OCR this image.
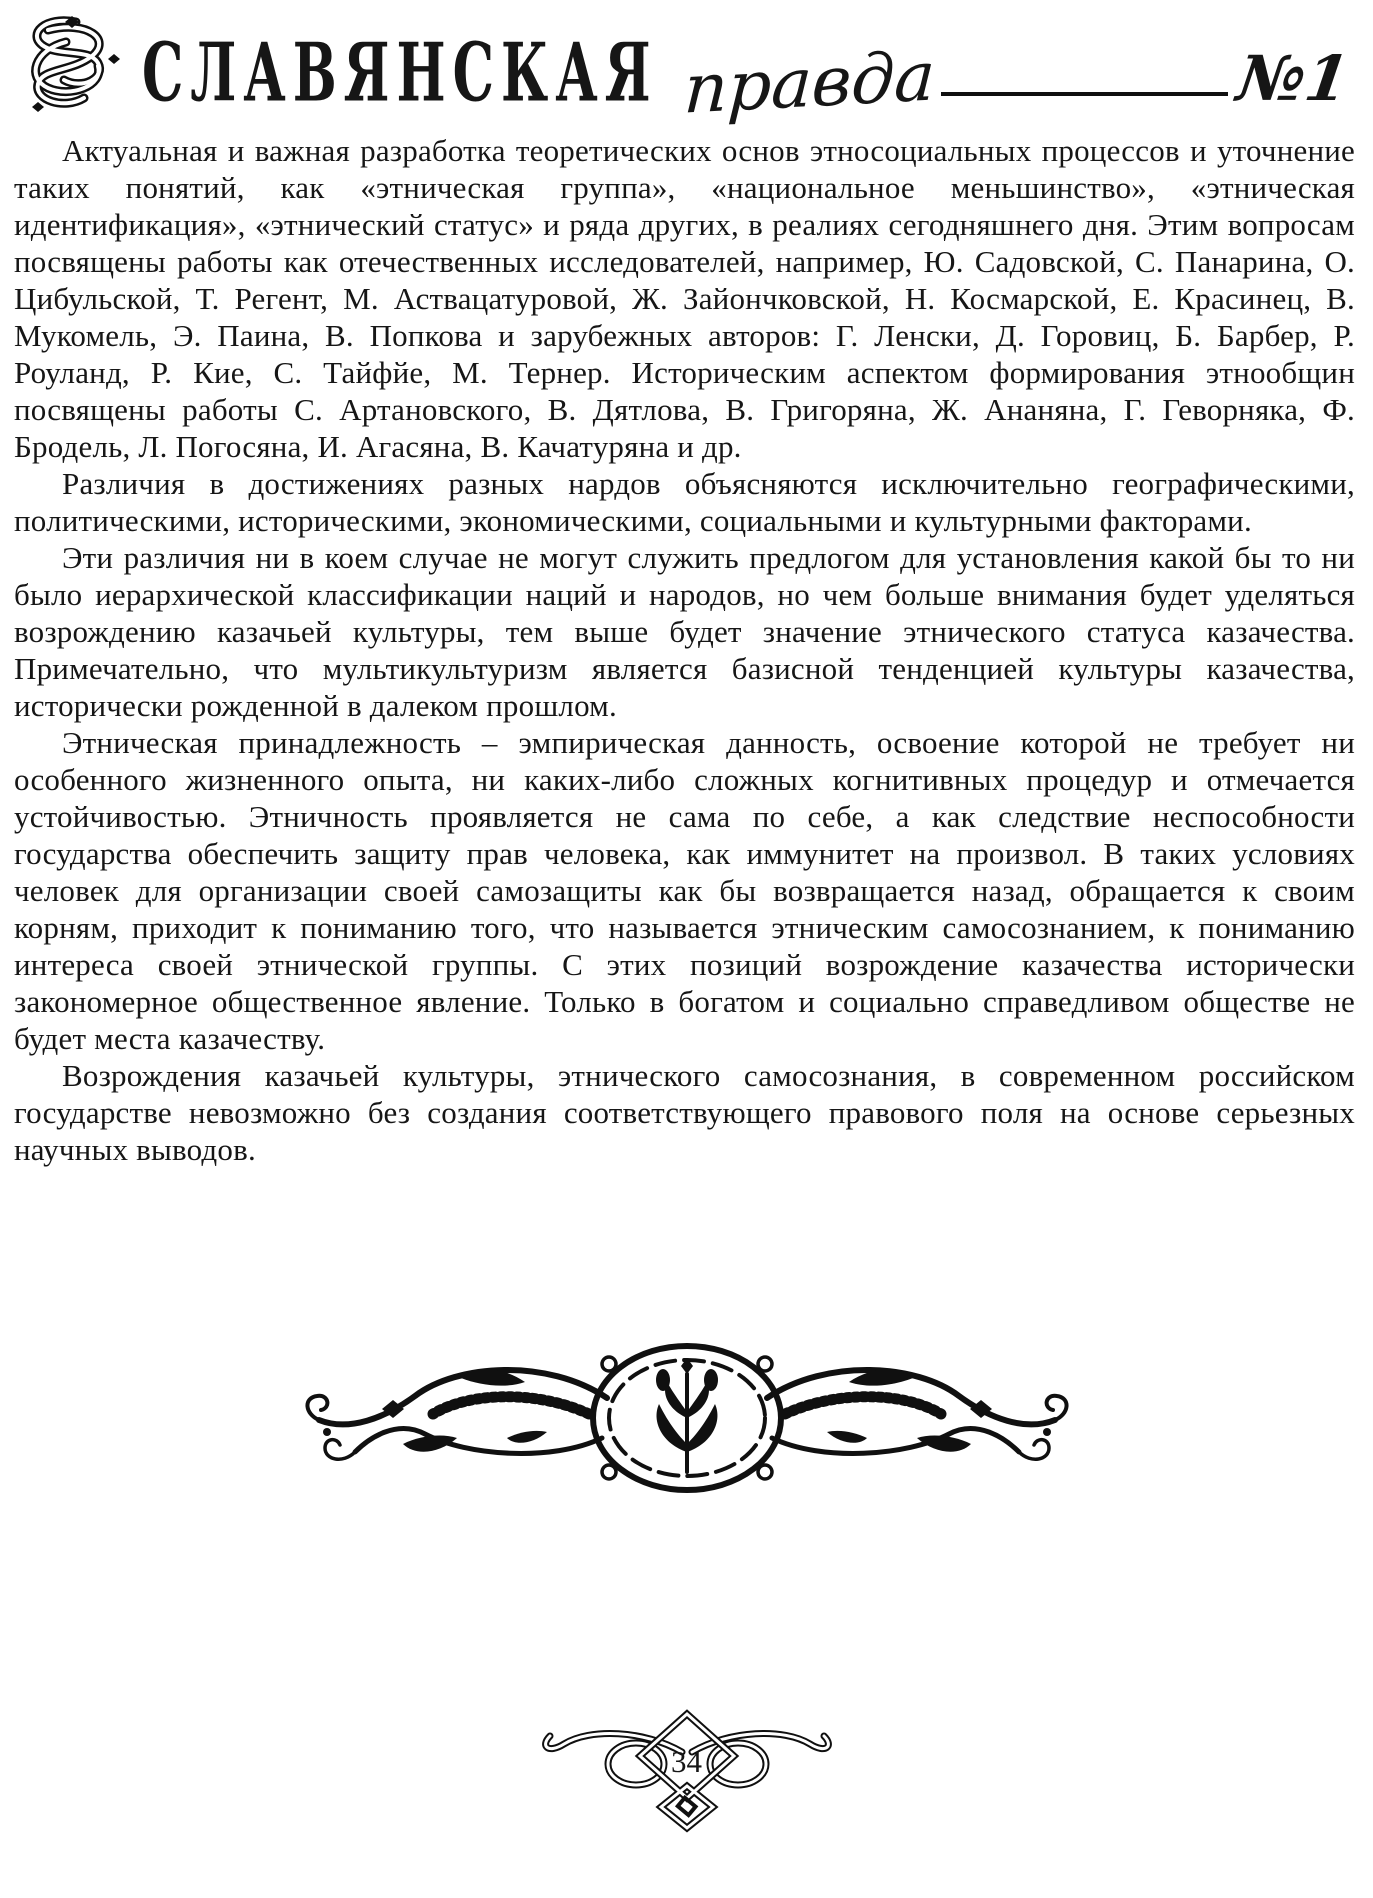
СЛАВЯНСКАЯ правда	№1

Актуальная и важная разработка теоретических основ этносоциальных процессов и уточнение таких понятий, как «этническая группа», «национальное меньшинство», «этническая идентификация», «этнический статус» и ряда других, в реалиях сегодняшнего дня. Этим вопросам посвящены работы как отечественных исследователей, например, Ю. Садовской, С. Панарина, О. Цибульской, Т. Регент, М. Аствацатуровой, Ж. Зайончковской, Н. Космарской, Е. Красинец, В. Мукомель, Э. Паина, В. Попкова и зарубежных авторов: Г. Ленски, Д. Горовиц, Б. Барбер, Р. Роуланд, Р. Кие, С. Тайфйе, М. Тернер. Историческим аспектом формирования этнообщин посвящены работы С. Артановского, В. Дятлова, В. Григоряна, Ж. Ананяна, Г. Геворняка, Ф. Бродель, Л. Погосяна, И. Агасяна, В. Качатуряна и др.

Различия в достижениях разных нардов объясняются исключительно географическими, политическими, историческими, экономическими, социальными и культурными факторами.

Эти различия ни в коем случае не могут служить предлогом для установления какой бы то ни было иерархической классификации наций и народов, но чем больше внимания будет уделяться возрождению казачьей культуры, тем выше будет значение этнического статуса казачества. Примечательно, что мультикультуризм является базисной тенденцией культуры казачества, исторически рожденной в далеком прошлом.

Этническая принадлежность – эмпирическая данность, освоение которой не требует ни особенного жизненного опыта, ни каких-либо сложных когнитивных процедур и отмечается устойчивостью. Этничность проявляется не сама по себе, а как следствие неспособности государства обеспечить защиту прав человека, как иммунитет на произвол. В таких условиях человек для организации своей самозащиты как бы возвращается назад, обращается к своим корням, приходит к пониманию того, что называется этническим самосознанием, к пониманию интереса своей этнической группы. С этих позиций возрождение казачества исторически закономерное общественное явление. Только в богатом и социально справедливом обществе не будет места казачеству.

Возрождения казачьей культуры, этнического самосознания, в современном российском государстве невозможно без создания соответствующего правового поля на основе серьезных научных выводов.

34
